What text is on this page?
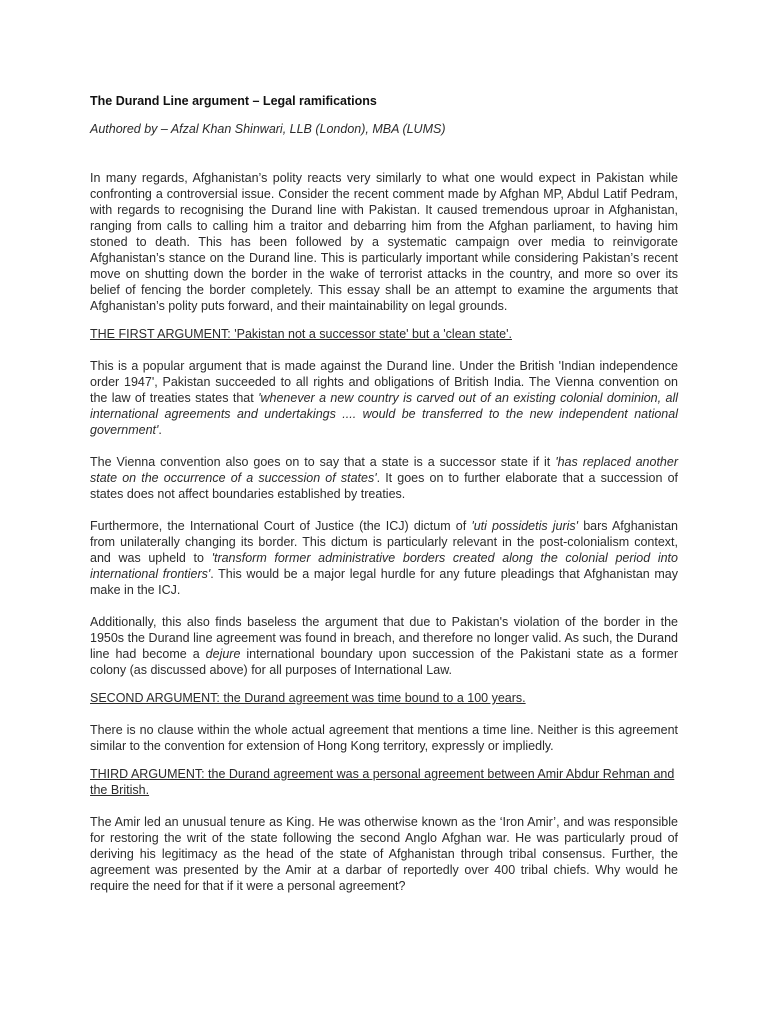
The Durand Line argument – Legal ramifications
Authored by – Afzal Khan Shinwari, LLB (London), MBA (LUMS)

In many regards, Afghanistan’s polity reacts very similarly to what one would expect in Pakistan while confronting a controversial issue. Consider the recent comment made by Afghan MP, Abdul Latif Pedram, with regards to recognising the Durand line with Pakistan. It caused tremendous uproar in Afghanistan, ranging from calls to calling him a traitor and debarring him from the Afghan parliament, to having him stoned to death. This has been followed by a systematic campaign over media to reinvigorate Afghanistan’s stance on the Durand line. This is particularly important while considering Pakistan’s recent move on shutting down the border in the wake of terrorist attacks in the country, and more so over its belief of fencing the border completely. This essay shall be an attempt to examine the arguments that Afghanistan’s polity puts forward, and their maintainability on legal grounds.

THE FIRST ARGUMENT: 'Pakistan not a successor state' but a 'clean state'.

This is a popular argument that is made against the Durand line. Under the British 'Indian independence order 1947', Pakistan succeeded to all rights and obligations of British India. The Vienna convention on the law of treaties states that 'whenever a new country is carved out of an existing colonial dominion, all international agreements and undertakings .... would be transferred to the new independent national government'.

The Vienna convention also goes on to say that a state is a successor state if it 'has replaced another state on the occurrence of a succession of states'. It goes on to further elaborate that a succession of states does not affect boundaries established by treaties.

Furthermore, the International Court of Justice (the ICJ) dictum of 'uti possidetis juris' bars Afghanistan from unilaterally changing its border. This dictum is particularly relevant in the post-colonialism context, and was upheld to 'transform former administrative borders created along the colonial period into international frontiers'. This would be a major legal hurdle for any future pleadings that Afghanistan may make in the ICJ.

Additionally, this also finds baseless the argument that due to Pakistan's violation of the border in the 1950s the Durand line agreement was found in breach, and therefore no longer valid. As such, the Durand line had become a dejure international boundary upon succession of the Pakistani state as a former colony (as discussed above) for all purposes of International Law.

SECOND ARGUMENT: the Durand agreement was time bound to a 100 years.

There is no clause within the whole actual agreement that mentions a time line. Neither is this agreement similar to the convention for extension of Hong Kong territory, expressly or impliedly.

THIRD ARGUMENT: the Durand agreement was a personal agreement between Amir Abdur Rehman and the British.

The Amir led an unusual tenure as King. He was otherwise known as the ‘Iron Amir’, and was responsible for restoring the writ of the state following the second Anglo Afghan war. He was particularly proud of deriving his legitimacy as the head of the state of Afghanistan through tribal consensus. Further, the agreement was presented by the Amir at a darbar of reportedly over 400 tribal chiefs. Why would he require the need for that if it were a personal agreement?
